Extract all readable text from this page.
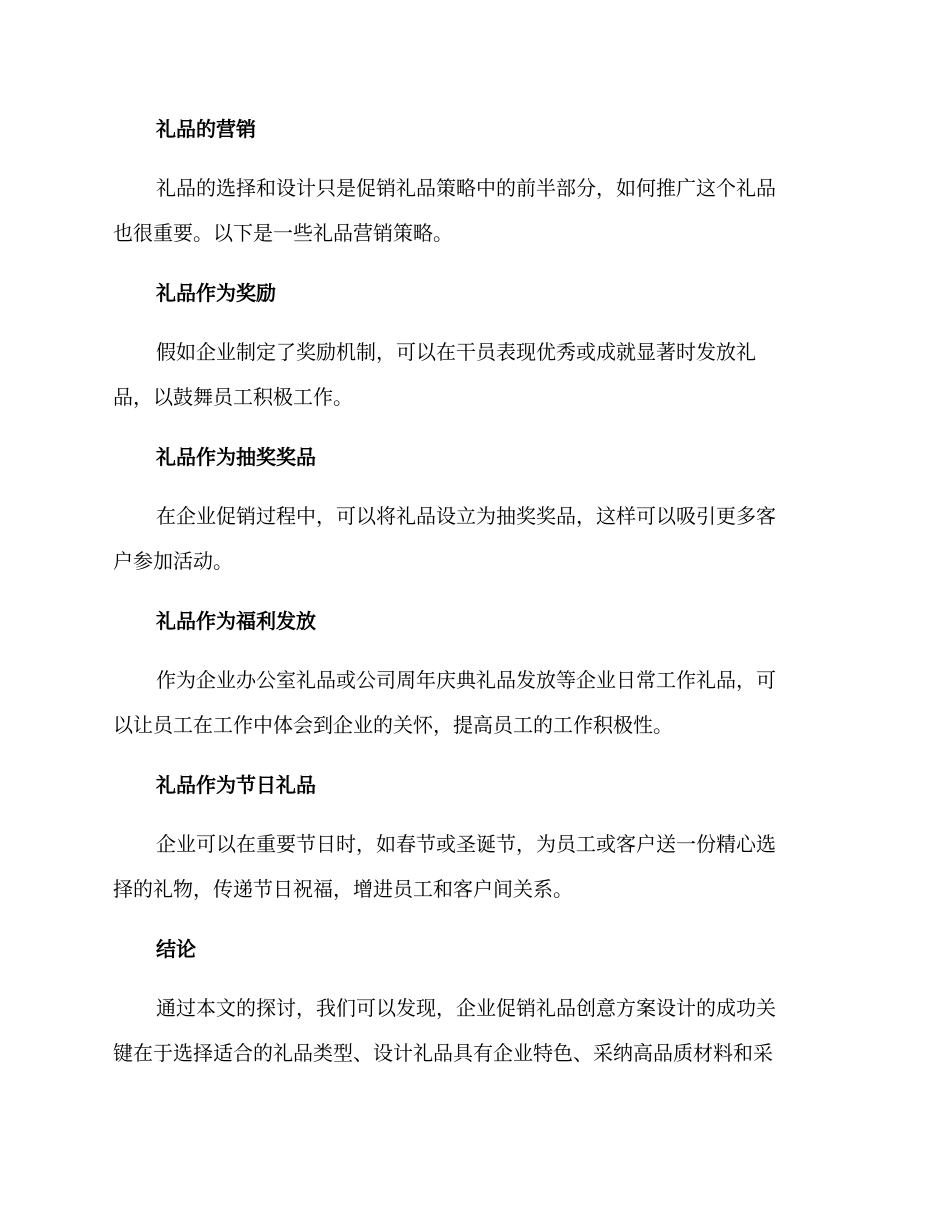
礼品的营销
礼品的选择和设计只是促销礼品策略中的前半部分，如何推广这个礼品
也很重要。以下是一些礼品营销策略。
礼品作为奖励
假如企业制定了奖励机制，可以在干员表现优秀或成就显著时发放礼
品，以鼓舞员工积极工作。
礼品作为抽奖奖品
在企业促销过程中，可以将礼品设立为抽奖奖品，这样可以吸引更多客
户参加活动。
礼品作为福利发放
作为企业办公室礼品或公司周年庆典礼品发放等企业日常工作礼品，可
以让员工在工作中体会到企业的关怀，提高员工的工作积极性。
礼品作为节日礼品
企业可以在重要节日时，如春节或圣诞节，为员工或客户送一份精心选
择的礼物，传递节日祝福，增进员工和客户间关系。
结论
通过本文的探讨，我们可以发现，企业促销礼品创意方案设计的成功关
键在于选择适合的礼品类型、设计礼品具有企业特色、采纳高品质材料和采
